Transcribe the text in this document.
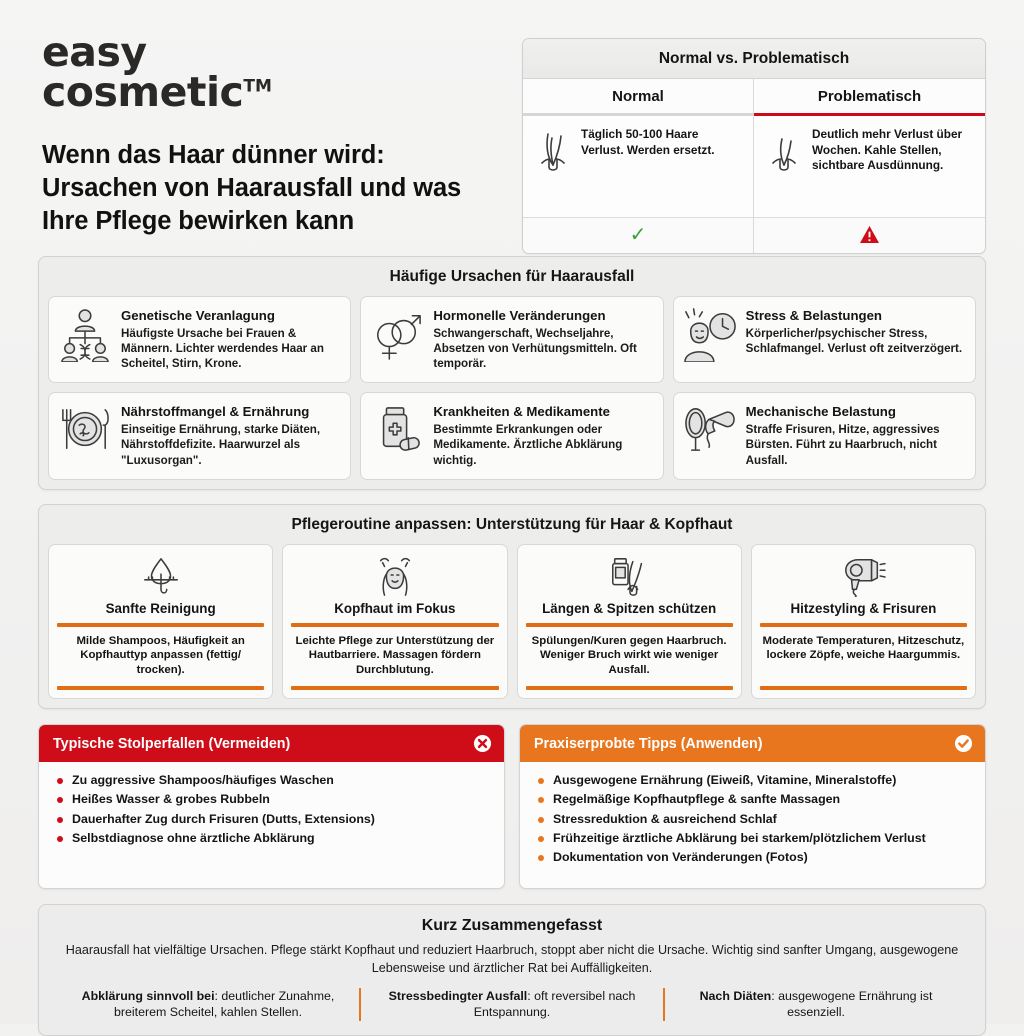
easy
cosmetic™
Wenn das Haar dünner wird: Ursachen von Haarausfall und was Ihre Pflege bewirken kann
Normal vs. Problematisch
Normal
Täglich 50-100 Haare Verlust. Werden ersetzt.
✓
Problematisch
Deutlich mehr Verlust über Wochen. Kahle Stellen, sichtbare Ausdünnung.
Häufige Ursachen für Haarausfall
Genetische Veranlagung
Häufigste Ursache bei Frauen & Männern. Lichter werdendes Haar an Scheitel, Stirn, Krone.
Hormonelle Veränderungen
Schwangerschaft, Wechseljahre, Absetzen von Verhütungsmitteln. Oft temporär.
Stress & Belastungen
Körperlicher/psychischer Stress, Schlafmangel. Verlust oft zeitverzögert.
Nährstoffmangel & Ernährung
Einseitige Ernährung, starke Diäten, Nährstoffdefizite. Haarwurzel als "Luxusorgan".
Krankheiten & Medikamente
Bestimmte Erkrankungen oder Medikamente. Ärztliche Abklärung wichtig.
Mechanische Belastung
Straffe Frisuren, Hitze, aggressives Bürsten. Führt zu Haarbruch, nicht Ausfall.
Pflegeroutine anpassen: Unterstützung für Haar & Kopfhaut
Sanfte Reinigung
Milde Shampoos, Häufigkeit an Kopfhauttyp anpassen (fettig/ trocken).
Kopfhaut im Fokus
Leichte Pflege zur Unterstützung der Hautbarriere. Massagen fördern Durchblutung.
Längen & Spitzen schützen
Spülungen/Kuren gegen Haarbruch. Weniger Bruch wirkt wie weniger Ausfall.
Hitzestyling & Frisuren
Moderate Temperaturen, Hitzeschutz, lockere Zöpfe, weiche Haargummis.
Typische Stolperfallen (Vermeiden)
Zu aggressive Shampoos/häufiges Waschen
Heißes Wasser & grobes Rubbeln
Dauerhafter Zug durch Frisuren (Dutts, Extensions)
Selbstdiagnose ohne ärztliche Abklärung
Praxiserprobte Tipps (Anwenden)
Ausgewogene Ernährung (Eiweiß, Vitamine, Mineralstoffe)
Regelmäßige Kopfhautpflege & sanfte Massagen
Stressreduktion & ausreichend Schlaf
Frühzeitige ärztliche Abklärung bei starkem/plötzlichem Verlust
Dokumentation von Veränderungen (Fotos)
Kurz Zusammengefasst
Haarausfall hat vielfältige Ursachen. Pflege stärkt Kopfhaut und reduziert Haarbruch, stoppt aber nicht die Ursache. Wichtig sind sanfter Umgang, ausgewogene Lebensweise und ärztlicher Rat bei Auffälligkeiten.
Abklärung sinnvoll bei: deutlicher Zunahme, breiterem Scheitel, kahlen Stellen.
Stressbedingter Ausfall: oft reversibel nach Entspannung.
Nach Diäten: ausgewogene Ernährung ist essenziell.
